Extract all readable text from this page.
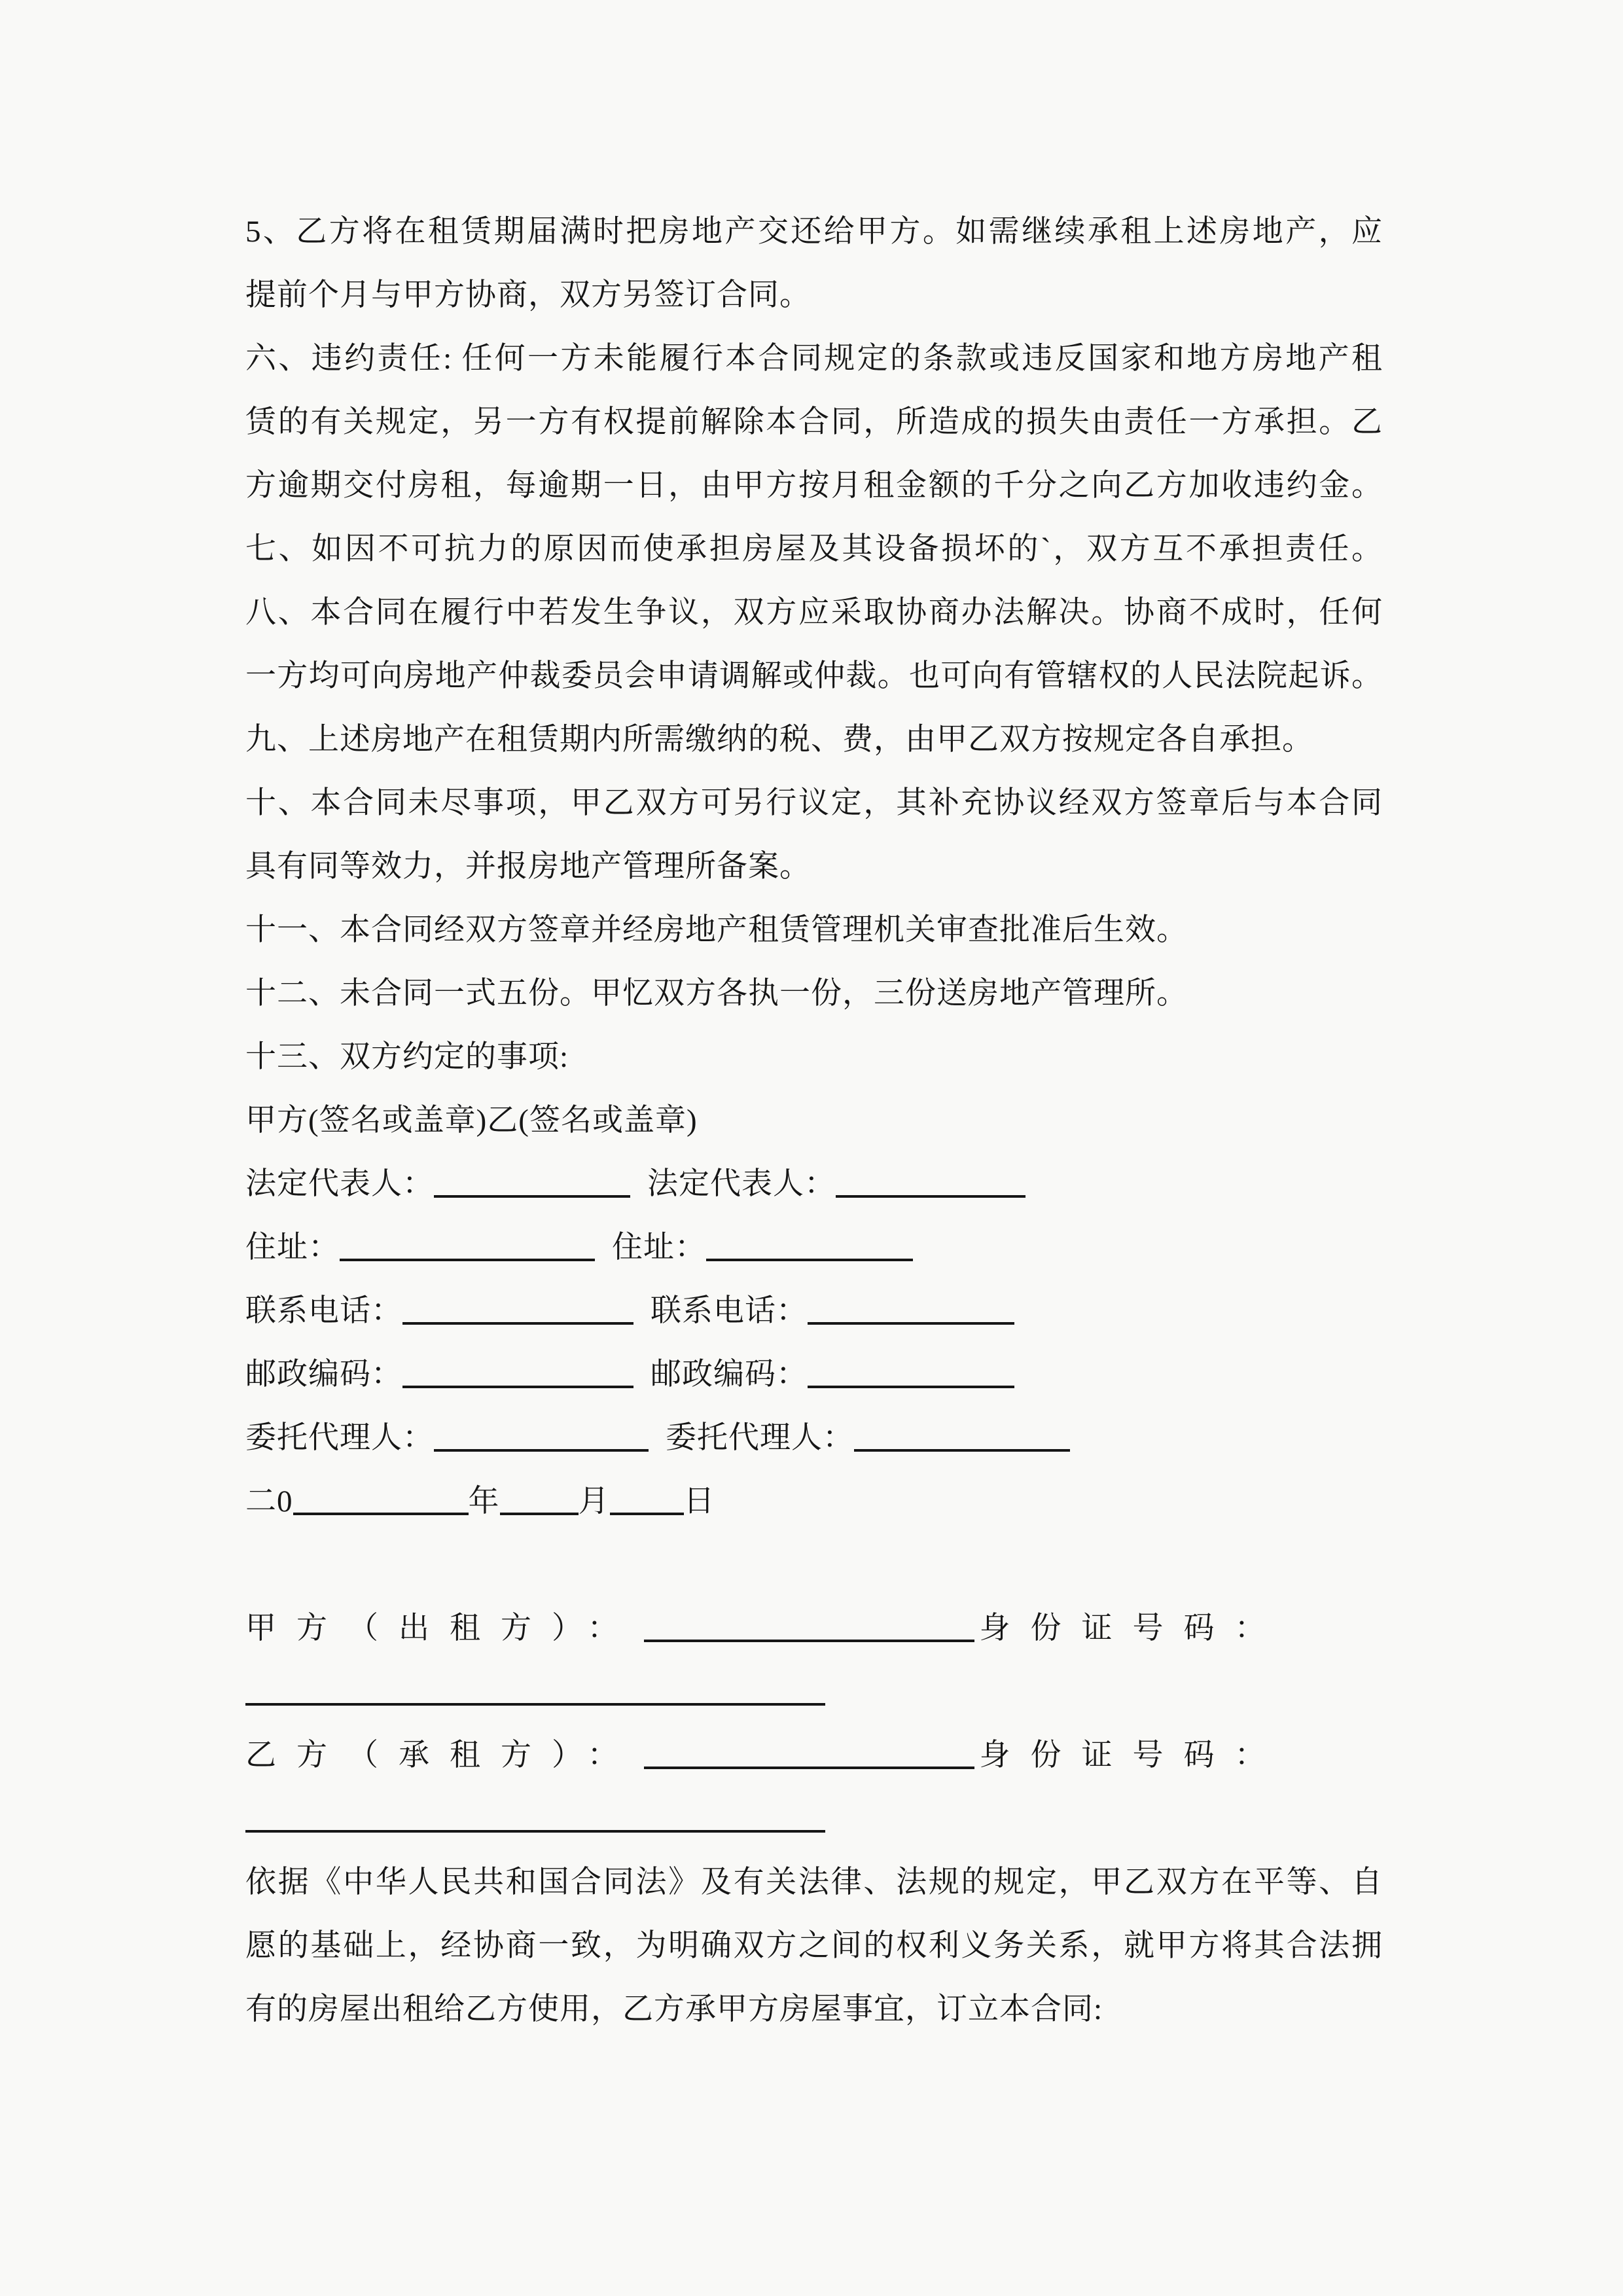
5、乙方将在租赁期届满时把房地产交还给甲方。如需继续承租上述房地产，应
提前个月与甲方协商，双方另签订合同。
六、违约责任: 任何一方未能履行本合同规定的条款或违反国家和地方房地产租
赁的有关规定，另一方有权提前解除本合同，所造成的损失由责任一方承担。乙
方逾期交付房租，每逾期一日，由甲方按月租金额的千分之向乙方加收违约金。
七、如因不可抗力的原因而使承担房屋及其设备损坏的`，双方互不承担责任。
八、本合同在履行中若发生争议，双方应采取协商办法解决。协商不成时，任何
一方均可向房地产仲裁委员会申请调解或仲裁。也可向有管辖权的人民法院起诉。
九、上述房地产在租赁期内所需缴纳的税、费，由甲乙双方按规定各自承担。
十、本合同未尽事项，甲乙双方可另行议定，其补充协议经双方签章后与本合同
具有同等效力，并报房地产管理所备案。
十一、本合同经双方签章并经房地产租赁管理机关审查批准后生效。
十二、未合同一式五份。甲忆双方各执一份，三份送房地产管理所。
十三、双方约定的事项:
甲方(签名或盖章)乙(签名或盖章)
法定代表人：	法定代表人：
住址：	住址：
联系电话：	联系电话：
邮政编码：	邮政编码：
委托代理人：	委托代理人：
二0	年	月 日
甲方（出租方）：	身份证号码：
乙方（承租方）：	身份证号码：
依据《中华人民共和国合同法》及有关法律、法规的规定，甲乙双方在平等、自
愿的基础上，经协商一致，为明确双方之间的权利义务关系，就甲方将其合法拥
有的房屋出租给乙方使用，乙方承甲方房屋事宜，订立本合同:
